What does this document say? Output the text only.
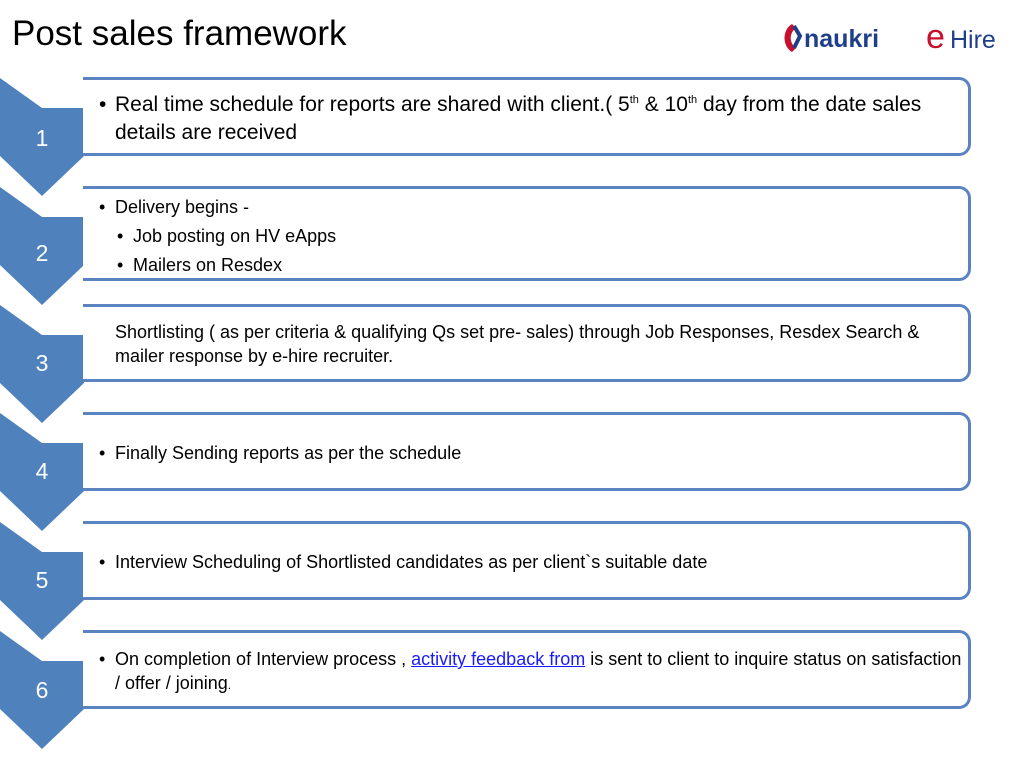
Post sales framework	naukri e Hire
1
• Real time schedule for reports are shared with client.( 5th & 10th day from the date sales details are received
2
• Delivery begins -
• Job posting on HV eApps
• Mailers on Resdex
3
Shortlisting ( as per criteria & qualifying Qs set pre- sales) through Job Responses, Resdex Search & mailer response by e-hire recruiter.
4
• Finally Sending reports as per the schedule
5
• Interview Scheduling of Shortlisted candidates as per client`s suitable date
6
• On completion of Interview process , activity feedback from is sent to client to inquire status on satisfaction / offer / joining.
